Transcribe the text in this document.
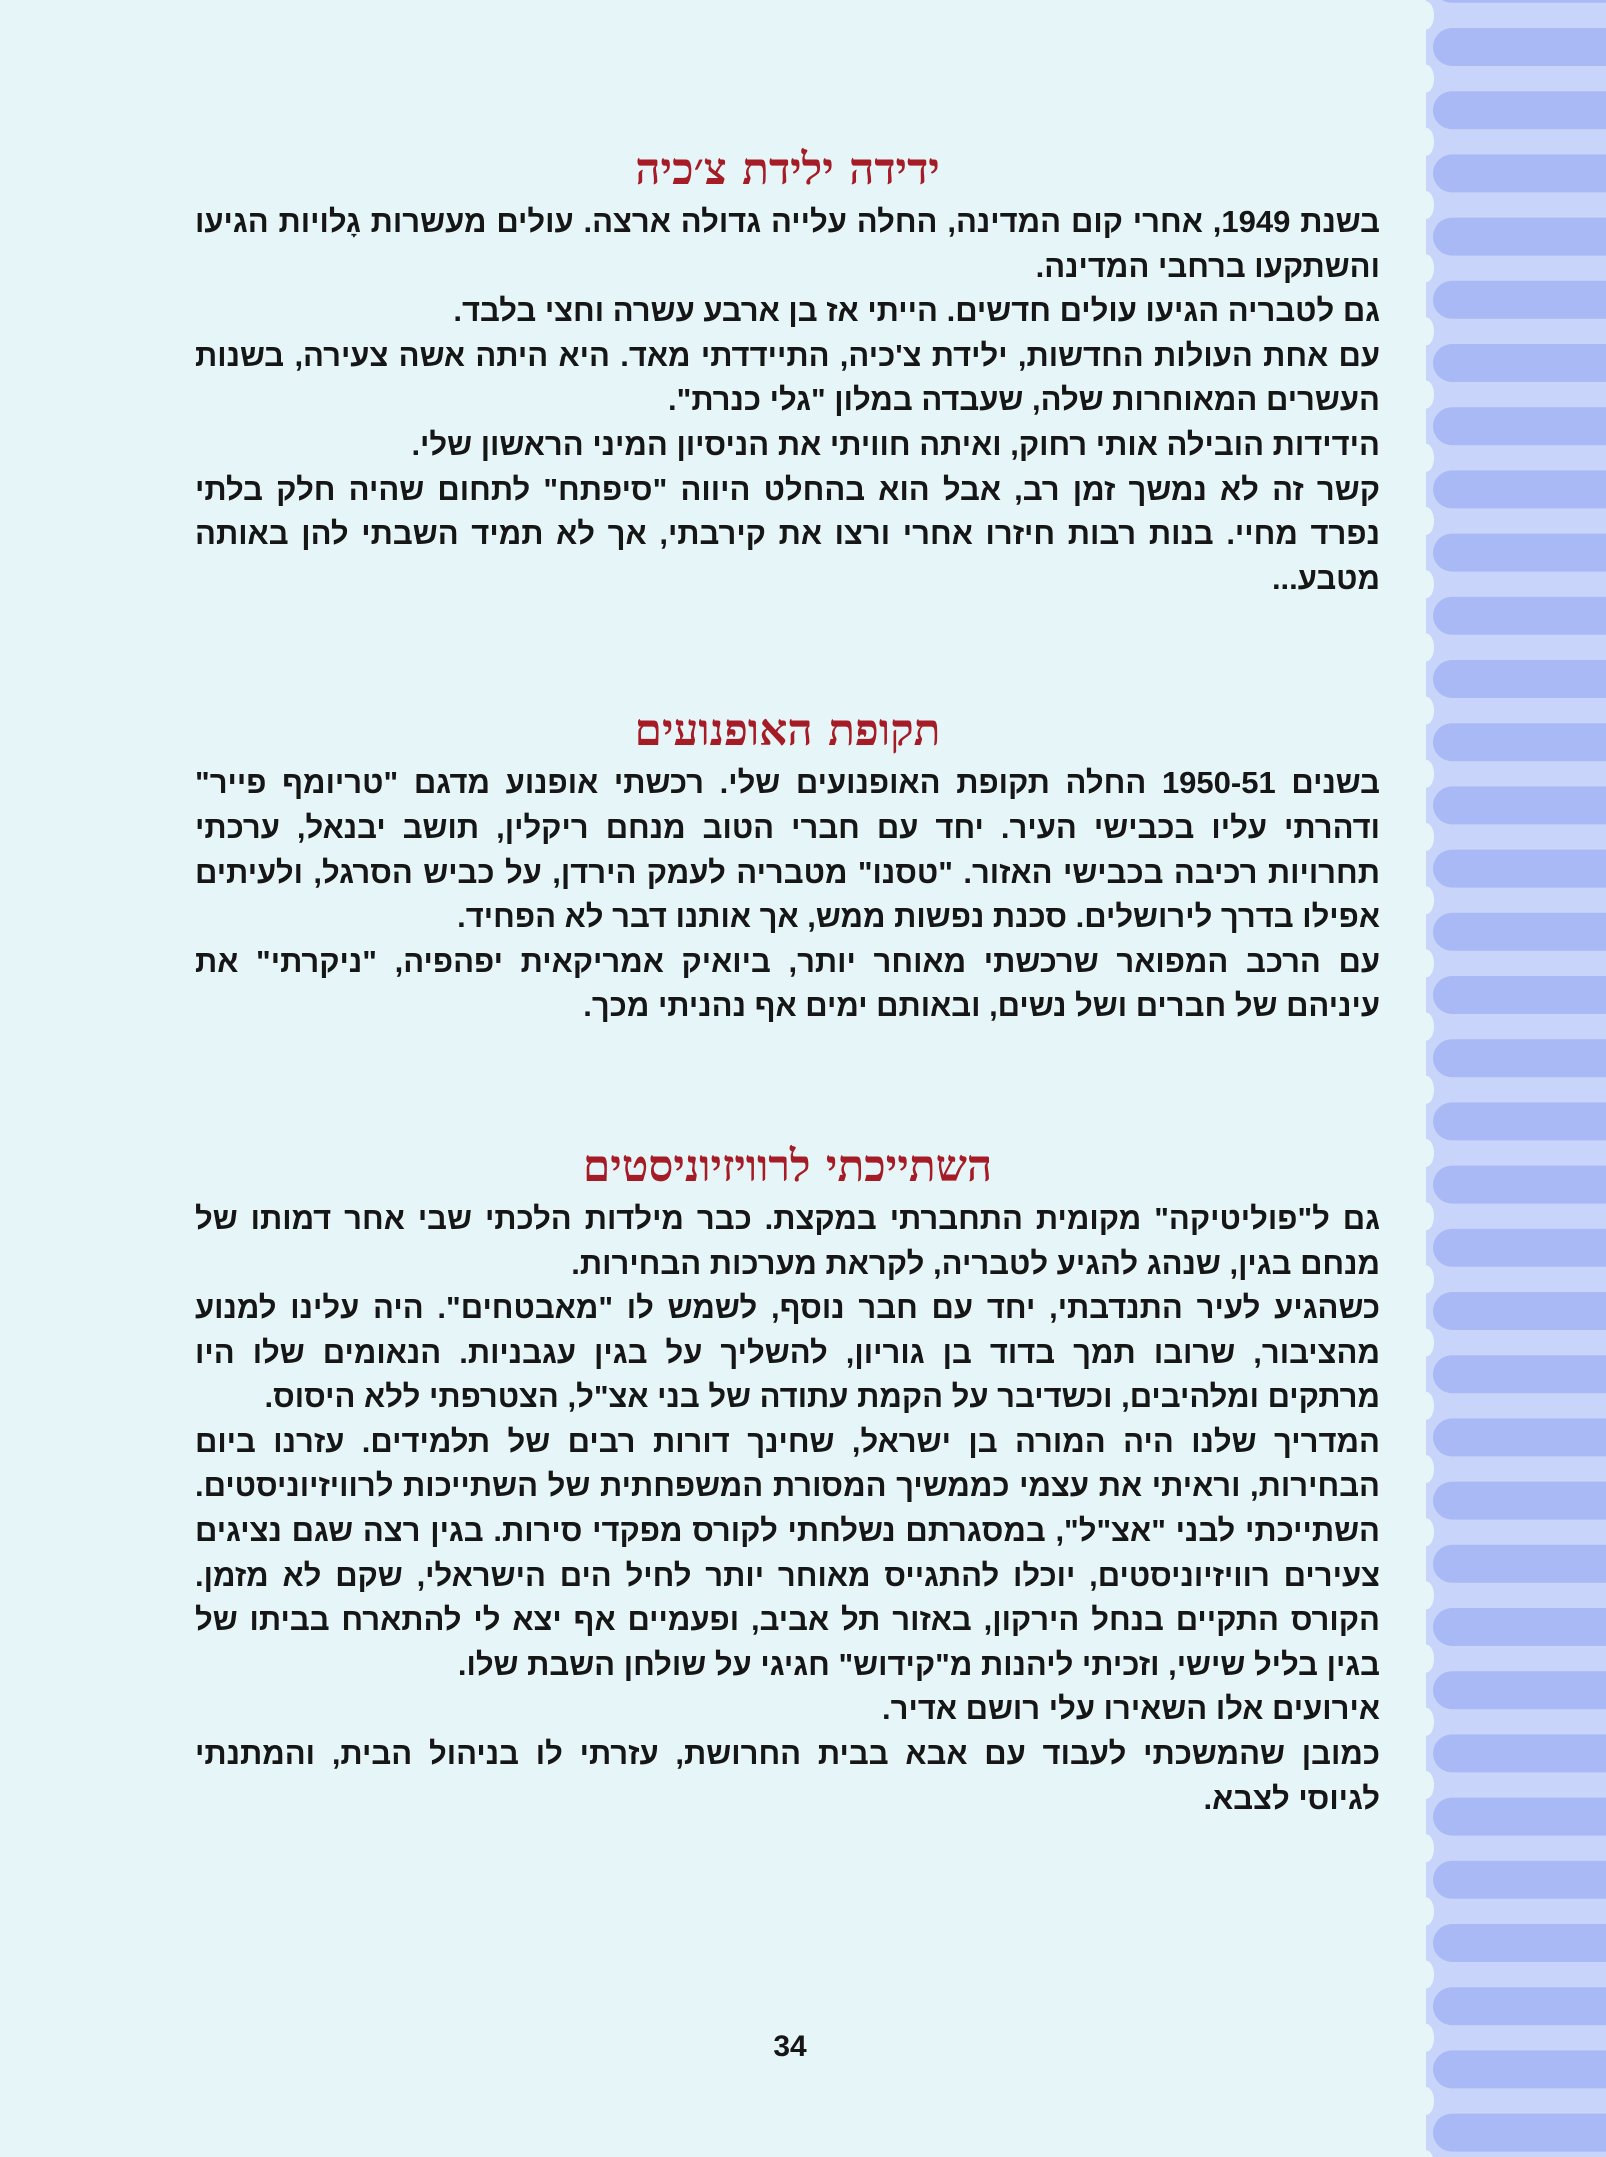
ידידה ילידת צ׳כיה

בשנת 1949, אחרי קום המדינה, החלה עלייה גדולה ארצה. עולים מעשרות גָלויות הגיעו והשתקעו ברחבי המדינה.

גם לטבריה הגיעו עולים חדשים. הייתי אז בן ארבע עשרה וחצי בלבד.

עם אחת העולות החדשות, ילידת צ'כיה, התיידדתי מאד. היא היתה אשה צעירה, בשנות העשרים המאוחרות שלה, שעבדה במלון "גלי כנרת".

הידידות הובילה אותי רחוק, ואיתה חוויתי את הניסיון המיני הראשון שלי.

קשר זה לא נמשך זמן רב, אבל הוא בהחלט היווה "סיפתח" לתחום שהיה חלק בלתי נפרד מחיי. בנות רבות חיזרו אחרי ורצו את קירבתי, אך לא תמיד השבתי להן באותה מטבע...

תקופת האופנועים

בשנים 1950-51 החלה תקופת האופנועים שלי. רכשתי אופנוע מדגם "טריומף פייר" ודהרתי עליו בכבישי העיר. יחד עם חברי הטוב מנחם ריקלין, תושב יבנאל, ערכתי תחרויות רכיבה בכבישי האזור. "טסנו" מטבריה לעמק הירדן, על כביש הסרגל, ולעיתים אפילו בדרך לירושלים. סכנת נפשות ממש, אך אותנו דבר לא הפחיד.

עם הרכב המפואר שרכשתי מאוחר יותר, ביואיק אמריקאית יפהפיה, "ניקרתי" את עיניהם של חברים ושל נשים, ובאותם ימים אף נהניתי מכך.

השתייכתי לרוויזיוניסטים

גם ל"פוליטיקה" מקומית התחברתי במקצת. כבר מילדות הלכתי שבי אחר דמותו של מנחם בגין, שנהג להגיע לטבריה, לקראת מערכות הבחירות.

כשהגיע לעיר התנדבתי, יחד עם חבר נוסף, לשמש לו "מאבטחים". היה עלינו למנוע מהציבור, שרובו תמך בדוד בן גוריון, להשליך על בגין עגבניות. הנאומים שלו היו מרתקים ומלהיבים, וכשדיבר על הקמת עתודה של בני אצ"ל, הצטרפתי ללא היסוס.

המדריך שלנו היה המורה בן ישראל, שחינך דורות רבים של תלמידים. עזרנו ביום הבחירות, וראיתי את עצמי כממשיך המסורת המשפחתית של השתייכות לרוויזיוניסטים. השתייכתי לבני "אצ"ל", במסגרתם נשלחתי לקורס מפקדי סירות. בגין רצה שגם נציגים צעירים רוויזיוניסטים, יוכלו להתגייס מאוחר יותר לחיל הים הישראלי, שקם לא מזמן. הקורס התקיים בנחל הירקון, באזור תל אביב, ופעמיים אף יצא לי להתארח בביתו של בגין בליל שישי, וזכיתי ליהנות מ"קידוש" חגיגי על שולחן השבת שלו.

אירועים אלו השאירו עלי רושם אדיר.

כמובן שהמשכתי לעבוד עם אבא בבית החרושת, עזרתי לו בניהול הבית, והמתנתי לגיוסי לצבא.

34
